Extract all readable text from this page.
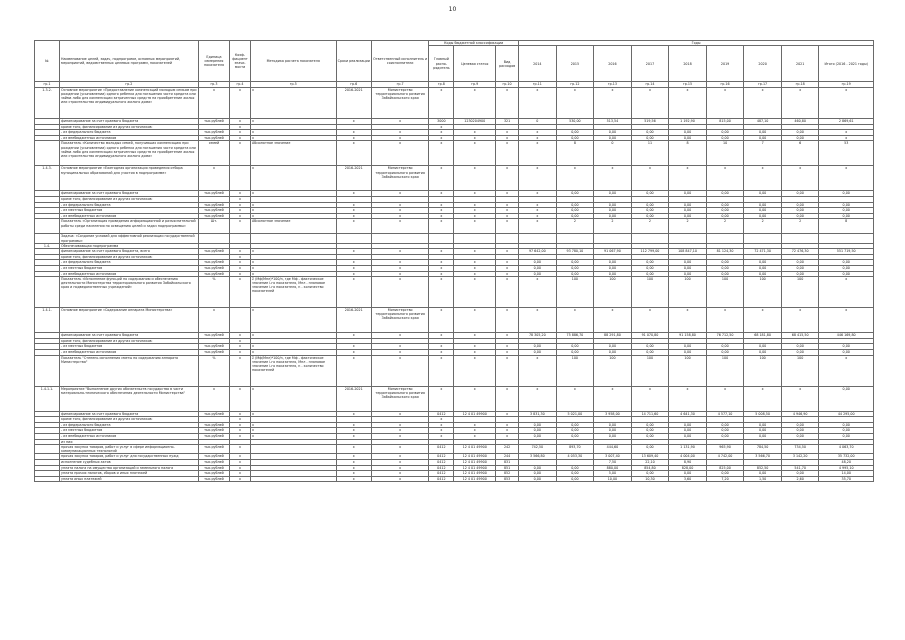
10
№	Наименование целей, задач, подпрограмм, основных мероприятий, мероприятий, ведомственных целевых программ, показателей	Единица измерения показателя	Коэф-фициент значи-мости	Методика расчета показателя	Сроки реализации	Ответственный исполнитель и соисполнители	Коды бюджетной классификации			Годы								
							Главный распо-рядитель	Целевая статья	Вид расходов	2014	2015	2016	2017	2018	2019	2020	2021	Итого (2016 - 2021 годы)
гр.1	гр.2	гр.3	гр.4	гр.5	гр.6	гр.7	гр.8	гр.9	гр.10	гр.11	гр.12	гр.13	гр.14	гр.15	гр.16	гр.17	гр.18	гр.19
1.3.2.	Основное мероприятие «Предоставление компенсаций молодым семьям при рождении (усыновлении) одного ребенка для погашения части кредита или займа либо для компенсации затраченных средств на приобретение жилья или строительство индивидуального жилого дома»	x	x	x	2016-2021	Министерство территориального развития Забайкальского края	x	x	x	x	x	x	x	x	x	x	x	x
	финансирование за счет краевого бюджета	тыс.рублей	x	x	x	x	3000	1230204900	321	0	530,00	513,54	519,56	1 192,90	815,00	487,10	460,80	2 869,61
	кроме того, финансирование из других источников:		x				x											
	- из федерального бюджета	тыс.рублей	x	x	x	x	x	x	x	x	0,00	0,00	0,00	0,00	0,00	0,00	0,00	x
	- из внебюджетных источников	тыс.рублей	x	x	x	x	x	x	x	x	0,00	0,00	0,00	0,00	0,00	0,00	0,00	x
	Показатель «Количество молодых семей, получивших компенсацию при рождении (усыновлении) одного ребенка для погашения части кредита или займа либо для компенсации затраченных средств на приобретение жилья или строительство индивидуального жилого дома»	семей	x	Абсолютное значение	x	x	x	x	x	x	8	0	11	8	10	7	6	53
1.4.3.	Основное мероприятие «Ежегодная организация проведения отбора муниципальных образований для участия в подпрограмме»	x		x	2016-2021	Министерство территориального развития Забайкальского края	x	x	x	x	x	x	x	x	x	x	x	x
	финансирование за счет краевого бюджета	тыс.рублей	x	x	x	x	x	x	x	x	0,00	0,00	0,00	0,00	0,00	0,00	0,00	0,00
	кроме того, финансирование из других источников:		x															
	- из федерального бюджета	тыс.рублей	x	x	x	x	x	x	x	x	0,00	0,00	0,00	0,00	0,00	0,00	0,00	0,00
	- из местных бюджетов	тыс.рублей	x	x	x	x	x	x	x	x	0,00	0,00	0,00	0,00	0,00	0,00	0,00	0,00
	- из внебюджетных источников	тыс.рублей	x	x	x	x	x	x	x	x	0,00	0,00	0,00	0,00	0,00	0,00	0,00	0,00
	Показатель «Организация проведения информационной и разъяснительной работы среди населения по освещению целей и задач подпрограммы»	Шт.	x	Абсолютное значение	x	x	x	x	x	x	2	2	2	2	2	2	2	8
	Задача: «Создание условий для эффективной реализации государственной программы»																	
1.4.	Обеспечивающая подпрограмма																	
	финансирование за счет краевого бюджета, всего	тыс.рублей	x	x	x	x	x	x	x	97 642,00	93 780,10	91 067,90	112 799,00	108 847,10	81 124,30	72 471,30	72 476,30	551 719,50
	кроме того, финансирование из других источников:		x															
	- из федерального бюджета	тыс.рублей	x	x	x	x	x	x	x	0,00	0,00	0,00	0,00	0,00	0,00	0,00	0,00	0,00
	- из местных бюджетов	тыс.рублей	x	x	x	x	x	x	x	0,00	0,00	0,00	0,00	0,00	0,00	0,00	0,00	0,00
	- из внебюджетных источников	тыс.рублей	x	x	x	x	x	x	x	0,00	0,00	0,00	0,00	0,00	0,00	0,00	0,00	0,00
	Показатель «Исполнение функций по содержанию и обеспечению деятельности Министерства территориального развития Забайкальского края и подведомственных учреждений»	%	x	Σ (Мф/Мпл)*100/n, где Мф - фактическое значение i-го показателя, Мпл - плановое значение i-го показателя, n - количество показателей	x	x	x	x	x	x	100	100	100	100	100	100	100	x
1.4.1.	Основное мероприятие «Содержание аппарата Министерства»	x		x	2016-2021	Министерство территориального развития Забайкальского края	x	x	x	x	x	x	x	x	x	x	x	x
	финансирование за счет краевого бюджета	тыс.рублей	x	x	x	x	x	x	x	78 305,20	75 886,70	88 291,80	91 070,80	91 158,80	76 712,50	68 181,80	68 415,50	446 169,80
	кроме того, финансирование из других источников:		x															
	- из местных бюджетов	тыс.рублей	x	x	x	x	x	x	x	0,00	0,00	0,00	0,00	0,00	0,00	0,00	0,00	0,00
	- из внебюджетных источников	тыс.рублей	x	x	x	x	x	x	x	0,00	0,00	0,00	0,00	0,00	0,00	0,00	0,00	0,00
	Показатель "Степень исполнения сметы по содержанию аппарата Министерства"	%	x	Σ (Мф/Мпл)*100/n, где Мф - фактическое значение i-го показателя, Мпл - плановое значение i-го показателя, n - количество показателей	x	x	x	x	x	x	100	100	100	100	100	100	100	x
1.4.1.1.	Мероприятие "Выполнение других обязательств государства в части материально-технического обеспечения деятельности Министерства"	x	x	x	2016-2021	Министерство территориального развития Забайкальского края	x	x	x	x	x	x	x	x	x	x	x	0,00
	финансирование за счет краевого бюджета	тыс.рублей	x	x	x	x	0412	12 4 01 49900	x	3 831,30	5 021,00	3 958,00	14 711,60	4 641,30	4 577,10	5 008,50	4 946,90	44 295,00
	кроме того, финансирование из других источников:		x				x											
	- из федерального бюджета	тыс.рублей	x	x	x	x	x	x	x	0,00	0,00	0,00	0,00	0,00	0,00	0,00	0,00	0,00
	- из местных бюджетов	тыс.рублей	x	x	x	x	x	x	x	0,00	0,00	0,00	0,00	0,00	0,00	0,00	0,00	0,00
	- из внебюджетных источников	тыс.рублей	x	x	x	x	x	x	x	0,00	0,00	0,00	0,00	0,00	0,00	0,00	0,00	0,00
	из них:																	
	прочая закупка товаров, работ и услуг в сфере информационно-коммуникационных технологий	тыс.рублей	x		x	x	0412	12 4 01 49900	242	742,50	893,70	444,60	0,00	1 131,90	965,90	784,50	734,50	4 063,70
	прочая закупка товаров, работ и услуг для государственных нужд	тыс.рублей	x		x	x	0412	12 4 01 49900	244	3 566,80	4 053,30	3 007,40	13 609,40	4 004,00	4 742,00	3 566,70	3 142,20	35 732,00
	исполнение судебных актов	тыс.рублей	x		x	x	0412	12 4 01 49900	831			7,50	22,10	8,90				48,20
	уплата налога на имущество организаций и земельного налога	тыс.рублей	x		x	x	0412	12 4 01 49900	851	0,00	0,00	880,00	854,80	828,00	825,00	852,50	541,70	4 995,10
	уплата прочих налогов, сборов и иных платежей	тыс.рублей	x		x	x	0412	12 4 01 49900	852	0,00	0,00	5,00	0,00	0,00	0,00	0,00	0,00	14,00
	уплата иных платежей	тыс.рублей	x		x	x	0412	12 4 01 49900	853	0,00	0,00	10,00	10,30	3,60	7,20	1,50	2,60	35,70
